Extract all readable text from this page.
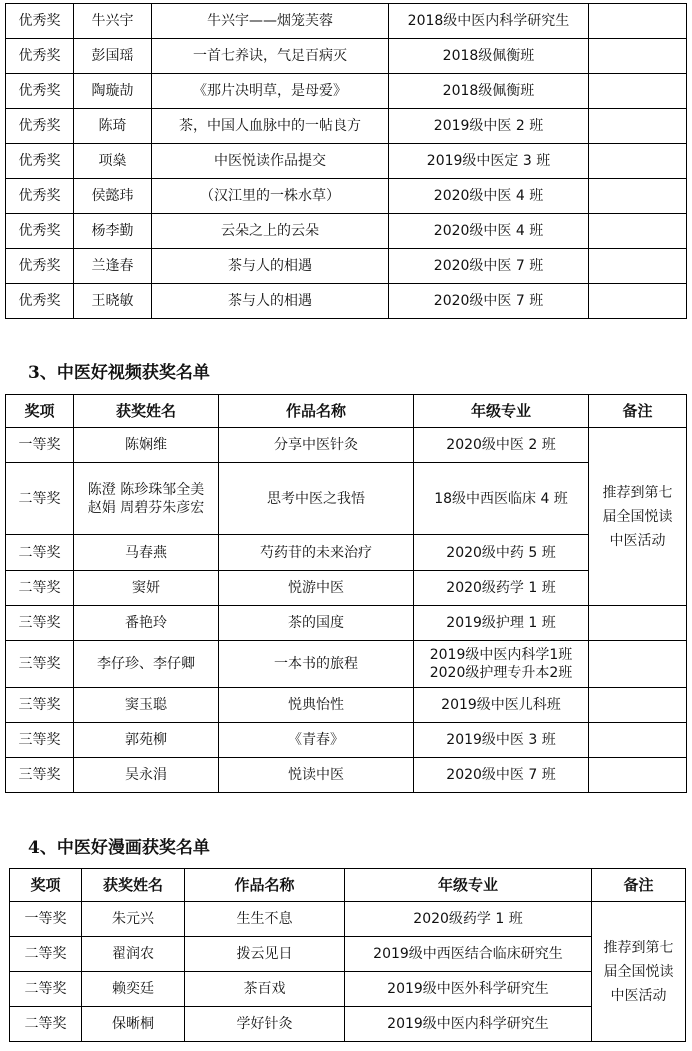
优秀奖	牛兴宇	牛兴宇——烟笼芙蓉	2018级中医内科学研究生	
优秀奖	彭国瑶	一首七养诀，气足百病灭	2018级佩衡班	
优秀奖	陶璇劼	《那片决明草，是母爱》	2018级佩衡班	
优秀奖	陈琦	茶，中国人血脉中的一帖良方	2019级中医 2 班	
优秀奖	项燊	中医悦读作品提交	2019级中医定 3 班	
优秀奖	侯懿玮	（汉江里的一株水草）	2020级中医 4 班	
优秀奖	杨李勤	云朵之上的云朵	2020级中医 4 班	
优秀奖	兰逢春	茶与人的相遇	2020级中医 7 班	
优秀奖	王晓敏	茶与人的相遇	2020级中医 7 班	
3、中医好视频获奖名单
奖项	获奖姓名	作品名称	年级专业	备注
一等奖	陈娴维	分享中医针灸	2020级中医 2 班	推荐到第七届全国悦读中医活动
二等奖	陈澄 陈珍珠邹全美赵娟 周碧芬朱彦宏	思考中医之我悟	18级中西医临床 4 班	
二等奖	马春燕	芍药苷的未来治疗	2020级中药 5 班	
二等奖	窦妍	悦游中医	2020级药学 1 班	
三等奖	番艳玲	茶的国度	2019级护理 1 班	
三等奖	李仔珍、李仔卿	一本书的旅程	2019级中医内科学1班 2020级护理专升本2班	
三等奖	窦玉聪	悦典怡性	2019级中医儿科班	
三等奖	郭苑柳	《青春》	2019级中医 3 班	
三等奖	吴永涓	悦读中医	2020级中医 7 班	
4、中医好漫画获奖名单
奖项	获奖姓名	作品名称	年级专业	备注
一等奖	朱元兴	生生不息	2020级药学 1 班	推荐到第七届全国悦读中医活动
二等奖	翟润农	拨云见日	2019级中西医结合临床研究生	
二等奖	赖奕廷	茶百戏	2019级中医外科学研究生	
二等奖	保晰桐	学好针灸	2019级中医内科学研究生	
